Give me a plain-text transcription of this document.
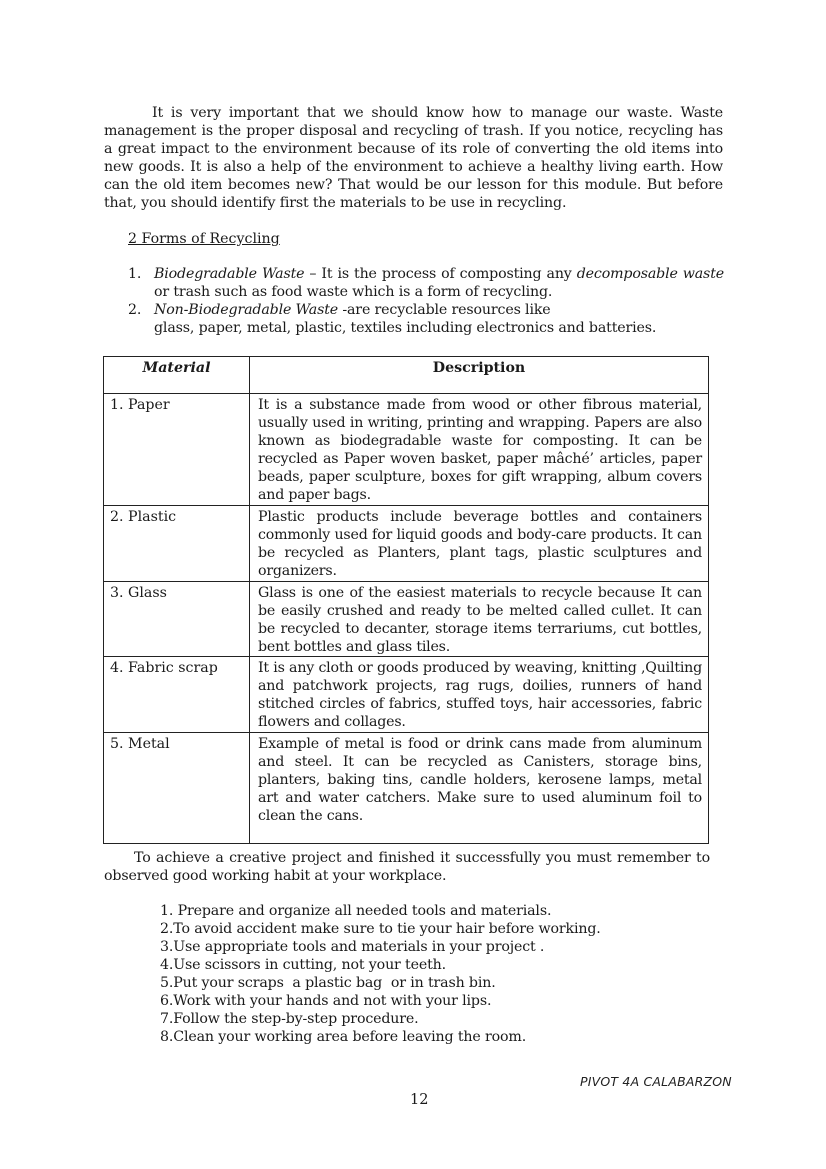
It is very important that we should know how to manage our waste. Waste management is the proper disposal and recycling of trash. If you notice, recycling has a great impact to the environment because of its role of converting the old items into new goods. It is also a help of the environment to achieve a healthy living earth. How can the old item becomes new? That would be our lesson for this module. But before that, you should identify first the materials to be use in recycling.

2 Forms of Recycling

1. Biodegradable Waste – It is the process of composting any decomposable waste or trash such as food waste which is a form of recycling.
2. Non-Biodegradable Waste -are recyclable resources like
glass, paper, metal, plastic, textiles including electronics and batteries.
Material	Description
1. Paper	It is a substance made from wood or other fibrous material, usually used in writing, printing and wrapping. Papers are also known as biodegradable waste for composting. It can be recycled as Paper woven basket, paper mâché’ articles, paper beads, paper sculpture, boxes for gift wrapping, album covers and paper bags.
2. Plastic	Plastic products include beverage bottles and containers commonly used for liquid goods and body-care products. It can be recycled as Planters, plant tags, plastic sculptures and organizers.
3. Glass	Glass is one of the easiest materials to recycle because It can be easily crushed and ready to be melted called cullet. It can be recycled to decanter, storage items terrariums, cut bottles, bent bottles and glass tiles.
4. Fabric scrap	It is any cloth or goods produced by weaving, knitting ,Quilting and patchwork projects, rag rugs, doilies, runners of hand stitched circles of fabrics, stuffed toys, hair accessories, fabric flowers and collages.
5. Metal	Example of metal is food or drink cans made from aluminum and steel. It can be recycled as Canisters, storage bins, planters, baking tins, candle holders, kerosene lamps, metal art and water catchers. Make sure to used aluminum foil to clean the cans.

To achieve a creative project and finished it successfully you must remember to observed good working habit at your workplace.

1. Prepare and organize all needed tools and materials.
2.To avoid accident make sure to tie your hair before working.
3.Use appropriate tools and materials in your project .
4.Use scissors in cutting, not your teeth.
5.Put your scraps  a plastic bag  or in trash bin.
6.Work with your hands and not with your lips.
7.Follow the step-by-step procedure.
8.Clean your working area before leaving the room.
PIVOT 4A CALABARZON
12
